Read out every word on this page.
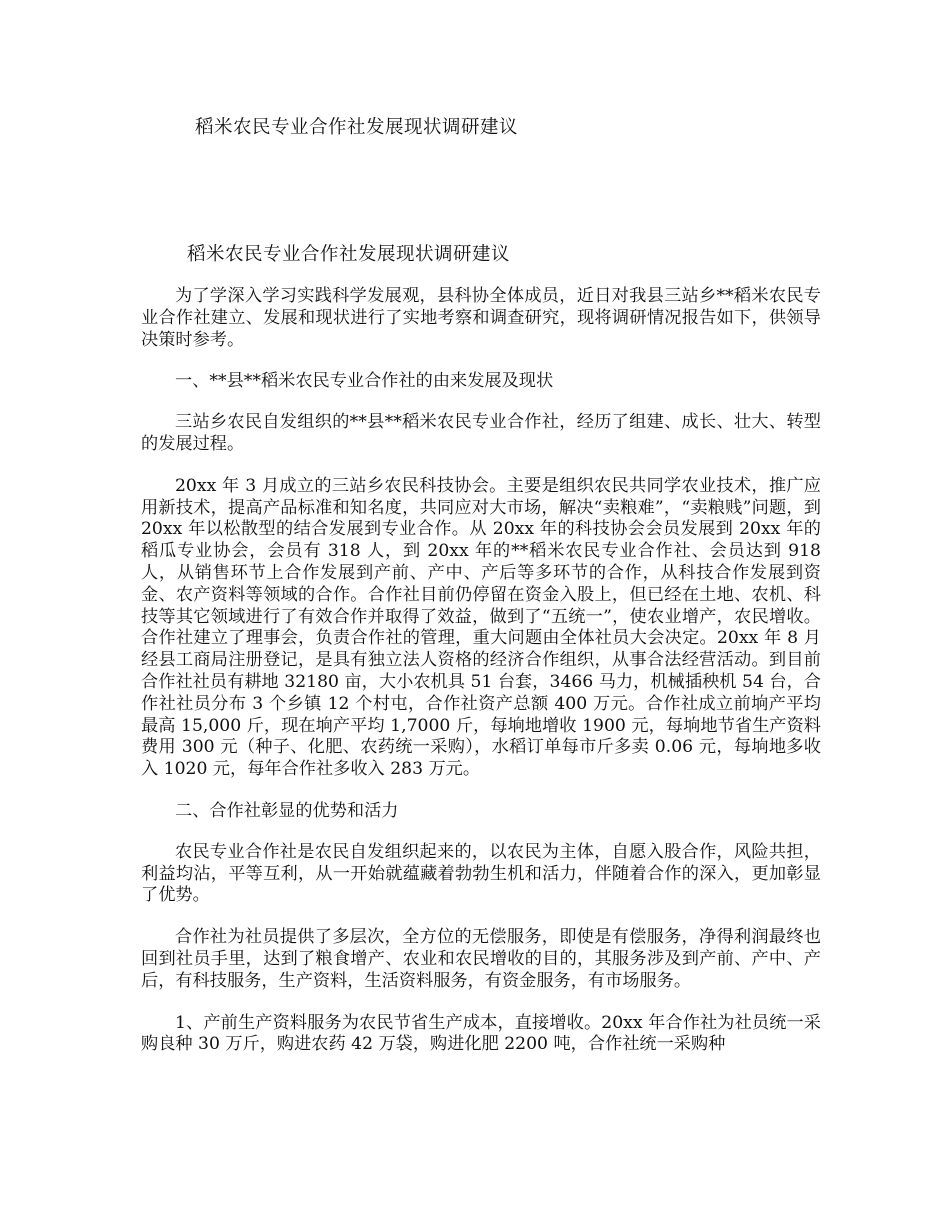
稻米农民专业合作社发展现状调研建议
稻米农民专业合作社发展现状调研建议

为了学深入学习实践科学发展观，县科协全体成员，近日对我县三站乡**稻米农民专业合作社建立、发展和现状进行了实地考察和调查研究，现将调研情况报告如下，供领导决策时参考。

一、**县**稻米农民专业合作社的由来发展及现状

三站乡农民自发组织的**县**稻米农民专业合作社，经历了组建、成长、壮大、转型的发展过程。

20xx 年 3 月成立的三站乡农民科技协会。主要是组织农民共同学农业技术，推广应用新技术，提高产品标准和知名度，共同应对大市场，解决“卖粮难”，“卖粮贱”问题，到 20xx 年以松散型的结合发展到专业合作。从 20xx 年的科技协会会员发展到 20xx 年的稻瓜专业协会，会员有 318 人，到 20xx 年的**稻米农民专业合作社、会员达到 918 人，从销售环节上合作发展到产前、产中、产后等多环节的合作，从科技合作发展到资金、农产资料等领域的合作。合作社目前仍停留在资金入股上，但已经在土地、农机、科技等其它领域进行了有效合作并取得了效益，做到了“五统一”，使农业增产，农民增收。合作社建立了理事会，负责合作社的管理，重大问题由全体社员大会决定。20xx 年 8 月经县工商局注册登记，是具有独立法人资格的经济合作组织，从事合法经营活动。到目前合作社社员有耕地 32180 亩，大小农机具 51 台套，3466 马力，机械插秧机 54 台，合作社社员分布 3 个乡镇 12 个村屯，合作社资产总额 400 万元。合作社成立前垧产平均最高 15,000 斤，现在垧产平均 1,7000 斤，每垧地增收 1900 元，每垧地节省生产资料费用 300 元（种子、化肥、农药统一采购），水稻订单每市斤多卖 0.06 元，每垧地多收入 1020 元，每年合作社多收入 283 万元。

二、合作社彰显的优势和活力

农民专业合作社是农民自发组织起来的，以农民为主体，自愿入股合作，风险共担，利益均沾，平等互利，从一开始就蕴藏着勃勃生机和活力，伴随着合作的深入，更加彰显了优势。

合作社为社员提供了多层次，全方位的无偿服务，即使是有偿服务，净得利润最终也回到社员手里，达到了粮食增产、农业和农民增收的目的，其服务涉及到产前、产中、产后，有科技服务，生产资料，生活资料服务，有资金服务，有市场服务。

1、产前生产资料服务为农民节省生产成本，直接增收。20xx 年合作社为社员统一采购良种 30 万斤，购进农药 42 万袋，购进化肥 2200 吨，合作社统一采购种
